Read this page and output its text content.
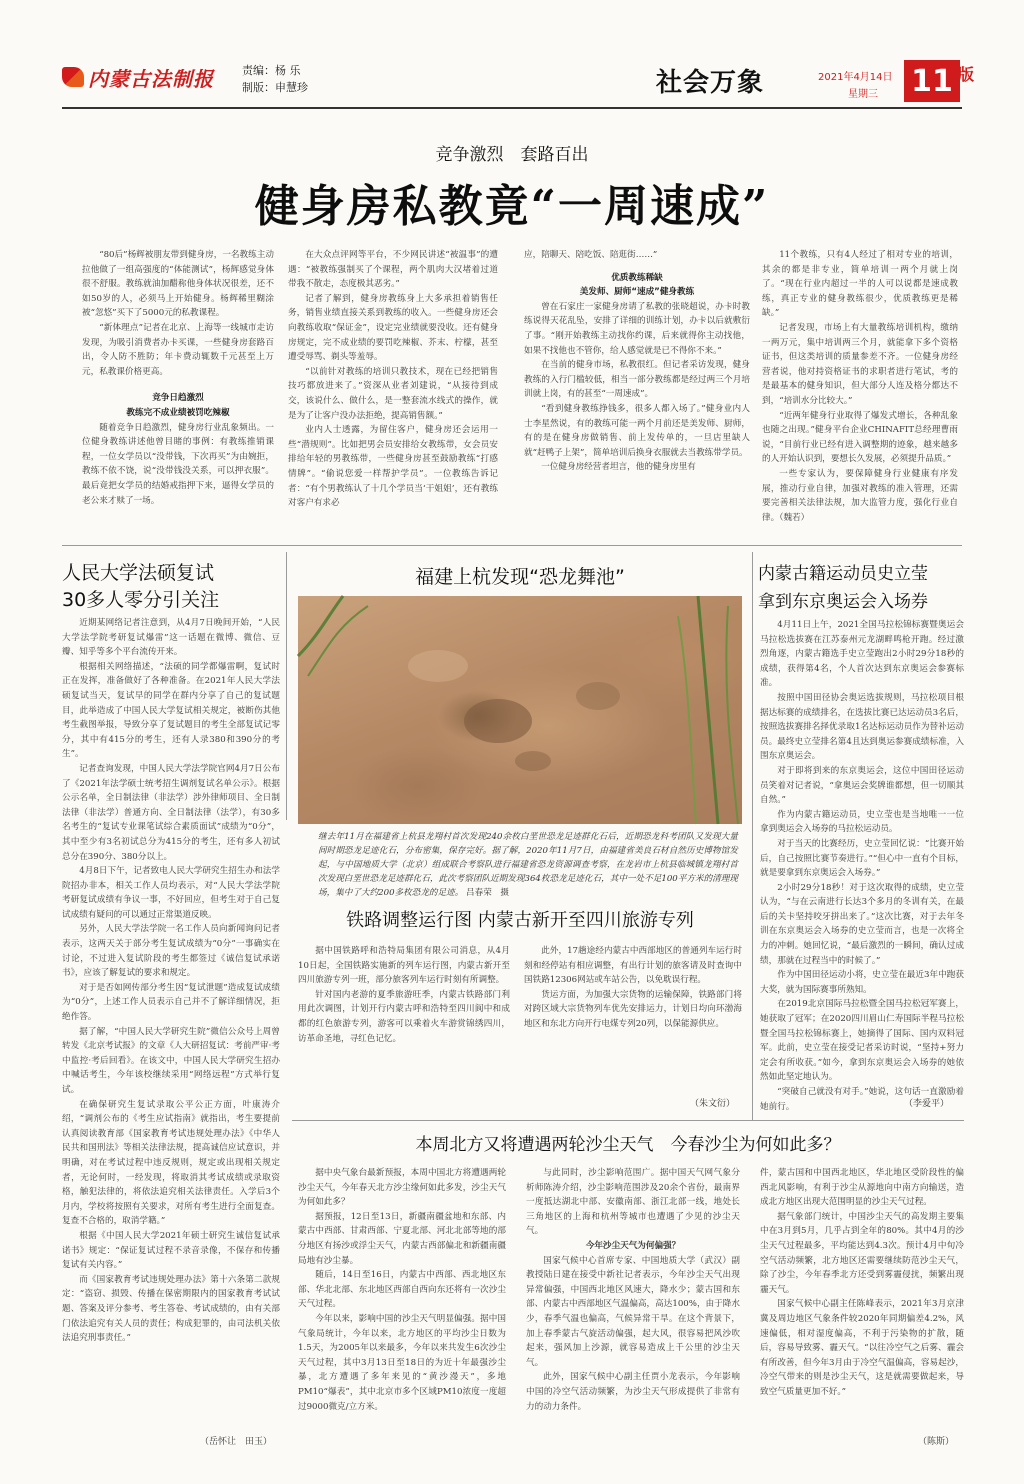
内蒙古法制报	责编：杨 乐
制版：申慧珍	社会万象	2021年4月14日
星期三 11 版
竞争激烈　套路百出
健身房私教竟“一周速成”

“80后”杨辉被朋友带到健身房，一名教练主动拉他做了一组高强度的“体能测试”，杨辉感觉身体很不舒服。教练就油加醋称他身体状况很差，还不如50岁的人，必须马上开始健身。杨辉稀里糊涂被“忽悠”买下了5000元的私教课程。

“新体理点”记者在北京、上海等一线城市走访发现，为吸引消费者办卡买课，一些健身房套路百出，令人防不胜防；年卡费动辄数千元甚至上万元，私教课价格更高。

竞争日趋激烈
教练完不成业绩被罚吃辣椒

随着竞争日趋激烈，健身房行业乱象频出。一位健身教练讲述他曾目睹的事例：有教练推销课程，一位女学员以“没带钱，下次再买”为由婉拒，教练不依不饶，说“没带钱没关系，可以押衣服”。最后竟把女学员的结婚戒指押下来，逼得女学员的老公来才赎了一场。

在大众点评网等平台，不少网民讲述“被温事”的遭遇：“被教练强制买了个课程，两个肌肉大汉堵着过道带我不散走，态度极其恶劣。”

记者了解到，健身房教练身上大多承担着销售任务，销售业绩直接关系到教练的收入。一些健身房还会向教练收取“保证金”，设定完业绩就要没收。还有健身房规定，完不成业绩的要罚吃辣椒、芥末、柠檬，甚至遭受辱骂、剃头等羞辱。

“以前针对教练的培训只教技术，现在已经把销售技巧都放进来了。”资深从业者刘建说，“从接待到成交，该说什么、做什么，是一整套流水线式的操作，就是为了让客户没办法拒绝，提高销售额。”

业内人士透露，为留住客户，健身房还会运用一些“潜规则”。比如把男会员安排给女教练带，女会员安排给年轻的男教练带，一些健身房甚至鼓励教练“打感情牌”。“偷说您爱一样帮护学员”。一位教练告诉记者：“有个男教练认了十几个学员当‘干姐姐’，还有教练对客户有求必

应，陪聊天、陪吃饭、陪逛街……”
优质教练稀缺
美发师、厨师“速成”健身教练

曾在石家庄一家健身房请了私教的张晓超说，办卡时教练说得天花乱坠，安排了详细的训练计划，办卡以后就敷衍了事。“刚开始教练主动找你约课，后来就得你主动找他，如果不找他也不管你，给人感觉就是已不得你不来。”

在当前的健身市场，私教很红。但记者采访发现，健身教练的入行门槛较低，相当一部分教练都是经过两三个月培训就上岗，有的甚至“一周速成”。

“看到健身教练挣钱多，很多人都入场了。”健身业内人士李星然说，有的教练可能一两个月前还是美发师、厨师，有的是在健身房做销售、前上发传单的，一旦店里缺人就“赶鸭子上架”，简单培训后换身衣服就去当教练带学员。

一位健身房经营者坦言，他的健身房里有

11个教练，只有4人经过了相对专业的培训，其余的都是非专业，简单培训一两个月就上岗了。“现在行业内超过一半的人可以说都是速成教练，真正专业的健身教练很少，优质教练更是稀缺。”

记者发现，市场上有大量教练培训机构，缴纳一两万元，集中培训两三个月，就能拿下多个资格证书，但这类培训的质量参差不齐。一位健身房经营者说，他对持资格证书的求职者进行笔试，考的是最基本的健身知识，但大部分人连及格分都达不到，“培训水分比较大。”

“近两年健身行业取得了爆发式增长，各种乱象也随之出现。”健身平台企业CHINAFIT总经理曹雨说，“目前行业已经有进入调整期的迹象，越来越多的人开始认识到，要想长久发展，必须提升品质。”

一些专家认为，要保障健身行业健康有序发展，推动行业自律，加强对教练的准入管理，还需要完善相关法律法规，加大监管力度，强化行业自律。（魏若）

人民大学法硕复试
30多人零分引关注

近期某网络记者注意到，从4月7日晚间开始，“人民大学法学院考研复试爆雷”这一话题在微博、微信、豆瓣、知乎等多个平台流传开来。

根据相关网络描述，“法硕的同学都爆雷啊，复试时正在发挥，准备做好了各种准备。在2021年人民大学法硕复试当天，复试早的同学在群内分享了自己的复试题目，此举造成了中国人民大学复试相关规定，被断伤其他考生截图举报，导致分享了复试题目的考生全部复试记零分，其中有415分的考生，还有人录380和390分的考生”。

记者查询发现，中国人民大学法学院官网4月7日公布了《2021年法学硕士统考招生调剂复试名单公示》。根据公示名单，全日制法律（非法学）涉外律师项目、全日制法律（非法学）普通方向、全日制法律（法学），有30多名考生的“复试专业课笔试综合素质面试”成绩为“0分”，其中至少有3名初试总分为415分的考生，还有多人初试总分在390分、380分以上。

4月8日下午，记者致电人民大学研究生招生办和法学院招办非本，相关工作人员均表示，对“人民大学法学院考研复试成绩有争议一事，不好回应，但考生对于自己复试成绩有疑问的可以通过正常渠道反映。

另外，人民大学法学院一名工作人员向新闻询问记者表示，这两天关于部分考生复试成绩为“0分”一事确实在讨论，不过进入复试阶段的考生都签过《诚信复试承诺书》，应该了解复试的要求和规定。

对于是否如网传部分考生因“复试泄题”造成复试成绩为“0分”，上述工作人员表示自己并不了解详细情况，拒绝作答。

据了解，“中国人民大学研究生院”微信公众号上周曾转发《北京考试报》的文章《人大研招复试：考前严审·考中监控·考后回看》。在该文中，中国人民大学研究生招办中喊话考生，今年该校继续采用“网络远程”方式举行复试。

在确保研究生复试录取公平公正方面，叶康涛介绍，“调剂公布的《考生应试指南》就指出，考生要提前认真阅读教育部《国家教育考试违规处理办法》《中华人民共和国刑法》等相关法律法规，提高诚信应试意识，并明确，对在考试过程中违反规则，规定或出现相关规定者，无论何时，一经发现，将取消其考试成绩或录取资格，触犯法律的，将依法追究相关法律责任。入学后3个月内，学校将按照有关要求，对所有考生进行全面复查。复查不合格的，取消学籍。”

根据《中国人民大学2021年硕士研究生诚信复试承诺书》规定：“保证复试过程不录音录像，不保存和传播复试有关内容。”

而《国家教育考试违规处理办法》第十六条第二款规定：“盗窃、损毁、传播在保密期限内的国家教育考试试题、答案及评分参考、考生答卷、考试成绩的，由有关部门依法追究有关人员的责任；构成犯罪的，由司法机关依法追究刑事责任。”

（岳怀让　田玉）
福建上杭发现“恐龙舞池”
继去年11月在福建省上杭县龙翔村首次发现240余枚白垩世恐龙足迹群化石后，近期恐龙科考团队又发现大量间时期恐龙足迹化石，分布密集，保存完好。据了解，2020年11月7日，由福建省美良石材自然历史博物馆发起，与中国地质大学（北京）组成联合考察队进行福建省恐龙资源调查考察，在龙岩市上杭县临城镇龙翔村首次发现白垩世恐龙足迹群化石，此次考察团队近期发现364枚恐龙足迹化石，其中一处不足100平方米的清理现场，集中了大约200多枚恐龙的足迹。 吕春荣　摄
铁路调整运行图 内蒙古新开至四川旅游专列

据中国铁路呼和浩特局集团有限公司消息，从4月10日起，全国铁路实施新的列车运行图，内蒙古新开至四川旅游专列一班，部分旅客列车运行时刻有所调整。

针对国内老游的夏季旅游旺季，内蒙古铁路部门利用此次调图，计划开行内蒙古呼和浩特至四川阆中和成都的红色旅游专列，游客可以乘着火车游赏锦绣四川，访革命圣地，寻红色记忆。

此外，17趟途经内蒙古中西部地区的普通列车运行时刻和经停站有相应调整，有出行计划的旅客请及时查询中国铁路12306网站或车站公告，以免耽误行程。

货运方面，为加强大宗货物的运输保障，铁路部门将对跨区域大宗货物列车优先安排运力，计划日均向环渤海地区和东北方向开行电煤专列20列，以保能源供应。

（朱文衍）
内蒙古籍运动员史立莹
拿到东京奥运会入场券

4月11日上午，2021全国马拉松锦标赛暨奥运会马拉松选拔赛在江苏泰州元龙湖畔鸣枪开跑。经过激烈角逐，内蒙古籍选手史立莹跑出2小时29分18秒的成绩，获得第4名，个人首次达到东京奥运会参赛标准。

按照中国田径协会奥运选拔规则，马拉松项目根据达标赛的成绩排名，在选拔比赛已达运动员3名后，按照选拔赛排名择优录取1名达标运动员作为替补运动员。最终史立莹排名第4且达到奥运参赛成绩标准，入围东京奥运会。

对于即将到来的东京奥运会，这位中国田径运动员笑着对记者说，“拿奥运会奖牌谁都想，但一切顺其自然。”

作为内蒙古籍运动员，史立莹也是当地唯一一位拿到奥运会入场券的马拉松运动员。

对于当天的比赛经历，史立莹回忆说：“比赛开始后，自己按照比赛节奏进行。”“但心中一直有个目标，就是要拿到东京奥运会入场券。”

2小时29分18秒！对于这次取得的成绩，史立莹认为，“与在云南进行长达3个多月的冬训有关，在最后的关卡坚持咬牙拼出来了。”这次比赛，对于去年冬训在东京奥运会入场券的史立莹而言，也是一次将全力的冲刺。她回忆说，“最后激烈的一瞬间，确认过成绩，那就在过程当中的时候了。”

作为中国田径运动小将，史立莹在最近3年中跑获大奖，就为国际赛事所熟知。

在2019北京国际马拉松暨全国马拉松冠军赛上，她获取了冠军；在2020四川眉山仁寿国际半程马拉松暨全国马拉松锦标赛上，她摘得了国际、国内双料冠军。此前，史立莹在接受记者采访时说，“坚持+努力定会有所收获。”如今，拿到东京奥运会入场券的她依然如此坚定地认为。

“突破自己就没有对手。”她说，这句话一直激励着她前行。	（李爱平）
本周北方又将遭遇两轮沙尘天气　今春沙尘为何如此多？

据中央气象台最新预报，本周中国北方将遭遇两轮沙尘天气，今年春天北方沙尘缘何如此多发，沙尘天气为何如此多？

据预报，12日至13日，新疆南疆盆地和东部、内蒙古中西部、甘肃西部、宁夏北部、河北北部等地的部分地区有扬沙或浮尘天气，内蒙古西部偏北和新疆南疆局地有沙尘暴。

随后，14日至16日，内蒙古中西部、西北地区东部、华北北部、东北地区西部自西向东还将有一次沙尘天气过程。

今年以来，影响中国的沙尘天气明显偏强。据中国气象局统计，今年以来，北方地区的平均沙尘日数为1.5天，为2005年以来最多，今年以来共发生6次沙尘天气过程，其中3月13日至18日的为近十年最强沙尘暴，北方遭遇了多年来见的“黄沙漫天”，多地PM10“爆表”，其中北京市多个区域PM10浓度一度超过9000微克/立方米。

与此同时，沙尘影响范围广。据中国天气网气象分析师陈涛介绍，沙尘影响范围涉及20余个省份，最南界一度抵达湖北中部、安徽南部、浙江北部一线，地处长三角地区的上海和杭州等城市也遭遇了少见的沙尘天气。

今年沙尘天气为何偏强？

国家气候中心首席专家、中国地质大学（武汉）副教授陆日建在接受中新社记者表示，今年沙尘天气出现异常偏强，中国西北地区风速大，降水少；蒙古国和东部、内蒙古中西部地区气温偏高，高达100%，由于降水少，春季气温也偏高，气候异常干旱。在这个背景下，加上春季蒙古气旋活动偏强，起大风，很容易把风沙吹起来，强风加上沙源，就容易造成上千公里的沙尘天气。

此外，国家气候中心副主任贾小龙表示，今年影响中国的冷空气活动频繁，为沙尘天气形成提供了非常有力的动力条件。

件，蒙古国和中国西北地区，华北地区受阶段性的偏西北风影响，有利于沙尘从源地向中南方向输送，造成北方地区出现大范围明显的沙尘天气过程。

据气象部门统计，中国沙尘天气的高发期主要集中在3月到5月，几乎占到全年的80%。其中4月的沙尘天气过程最多，平均能达到4.3次。预计4月中旬冷空气活动频繁，北方地区还需要继续防范沙尘天气，除了沙尘，今年春季北方还受到雾霾侵扰，频繁出现霾天气。

国家气候中心副主任陈峰表示，2021年3月京津冀及周边地区气象条件较2020年同期偏差4.2%，风速偏低，相对湿度偏高，不利于污染物的扩散，随后，容易导致雾、霾天气。“以往冷空气之后雾、霾会有所改善，但今年3月由于冷空气温偏高，容易起沙，冷空气带来的则是沙尘天气，这是就需要做起来，导致空气质量更加不好。”

（陈斯）
